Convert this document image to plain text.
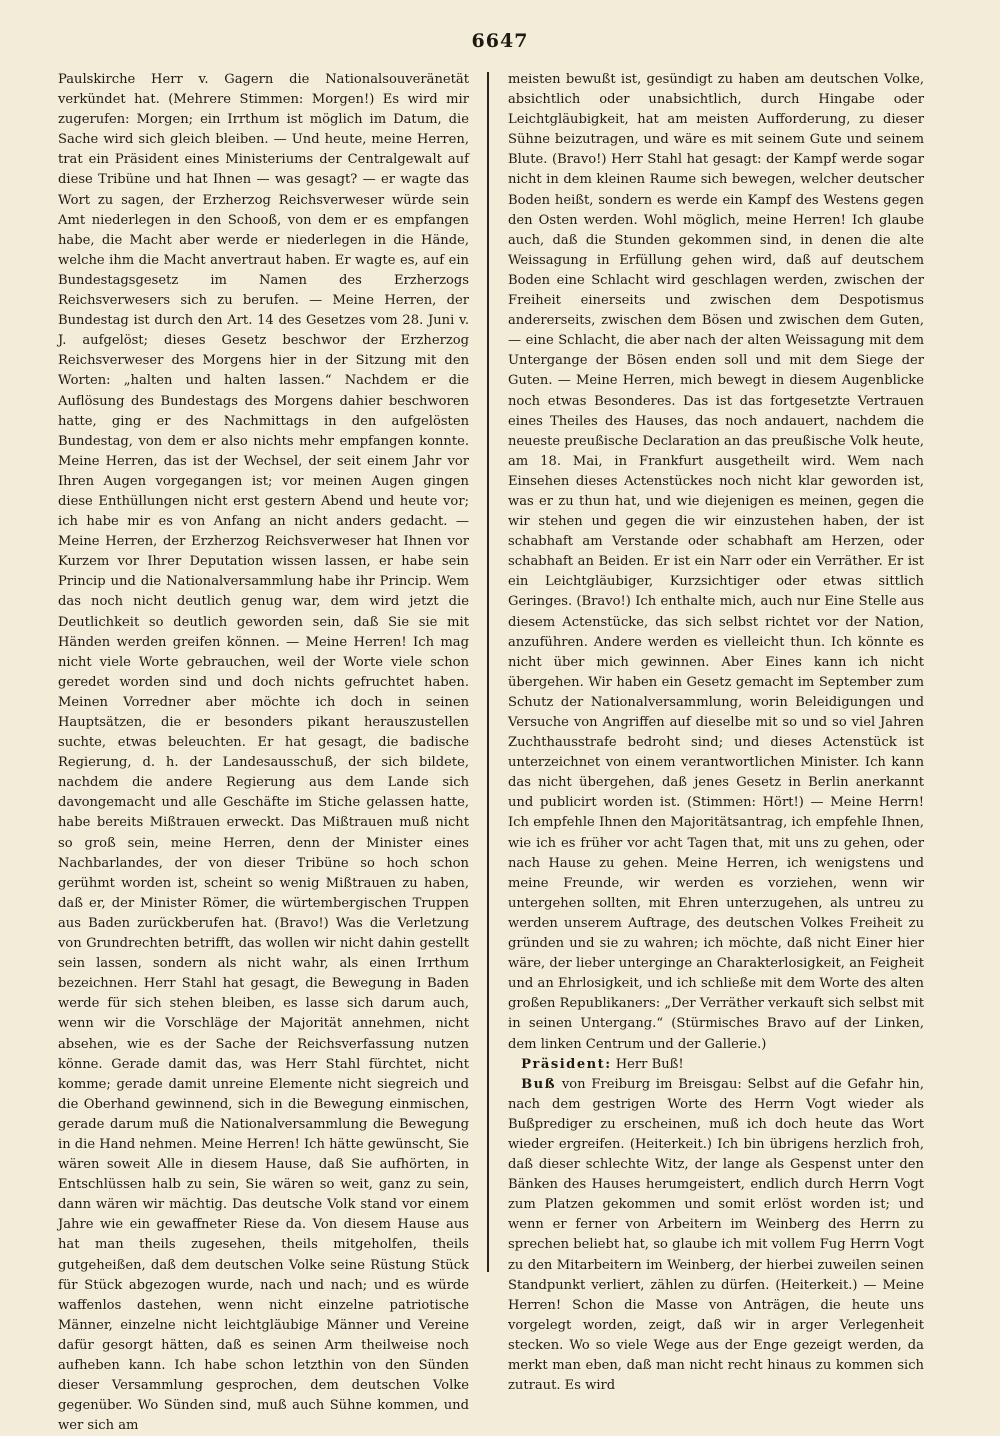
6647

Paulskirche Herr v. Gagern die Nationalsouveränetät verkündet hat. (Mehrere Stimmen: Morgen!) Es wird mir zugerufen: Morgen; ein Irrthum ist möglich im Datum, die Sache wird sich gleich bleiben. — Und heute, meine Herren, trat ein Präsident eines Ministeriums der Centralgewalt auf diese Tribüne und hat Ihnen — was gesagt? — er wagte das Wort zu sagen, der Erzherzog Reichsverweser würde sein Amt niederlegen in den Schooß, von dem er es empfangen habe, die Macht aber werde er niederlegen in die Hände, welche ihm die Macht anvertraut haben. Er wagte es, auf ein Bundestagsgesetz im Namen des Erzherzogs Reichsverwesers sich zu berufen. — Meine Herren, der Bundestag ist durch den Art. 14 des Gesetzes vom 28. Juni v. J. aufgelöst; dieses Gesetz beschwor der Erzherzog Reichsverweser des Morgens hier in der Sitzung mit den Worten: „halten und halten lassen.“ Nachdem er die Auflösung des Bundestags des Morgens dahier beschworen hatte, ging er des Nachmittags in den aufgelösten Bundestag, von dem er also nichts mehr empfangen konnte. Meine Herren, das ist der Wechsel, der seit einem Jahr vor Ihren Augen vorgegangen ist; vor meinen Augen gingen diese Enthüllungen nicht erst gestern Abend und heute vor; ich habe mir es von Anfang an nicht anders gedacht. — Meine Herren, der Erzherzog Reichsverweser hat Ihnen vor Kurzem vor Ihrer Deputation wissen lassen, er habe sein Princip und die Nationalversammlung habe ihr Princip. Wem das noch nicht deutlich genug war, dem wird jetzt die Deutlichkeit so deutlich geworden sein, daß Sie sie mit Händen werden greifen können. — Meine Herren! Ich mag nicht viele Worte gebrauchen, weil der Worte viele schon geredet worden sind und doch nichts gefruchtet haben. Meinen Vorredner aber möchte ich doch in seinen Hauptsätzen, die er besonders pikant herauszustellen suchte, etwas beleuchten. Er hat gesagt, die badische Regierung, d. h. der Landesausschuß, der sich bildete, nachdem die andere Regierung aus dem Lande sich davongemacht und alle Geschäfte im Stiche gelassen hatte, habe bereits Mißtrauen erweckt. Das Mißtrauen muß nicht so groß sein, meine Herren, denn der Minister eines Nachbarlandes, der von dieser Tribüne so hoch schon gerühmt worden ist, scheint so wenig Mißtrauen zu haben, daß er, der Minister Römer, die würtembergischen Truppen aus Baden zurückberufen hat. (Bravo!) Was die Verletzung von Grundrechten betrifft, das wollen wir nicht dahin gestellt sein lassen, sondern als nicht wahr, als einen Irrthum bezeichnen. Herr Stahl hat gesagt, die Bewegung in Baden werde für sich stehen bleiben, es lasse sich darum auch, wenn wir die Vorschläge der Majorität annehmen, nicht absehen, wie es der Sache der Reichsverfassung nutzen könne. Gerade damit das, was Herr Stahl fürchtet, nicht komme; gerade damit unreine Elemente nicht siegreich und die Oberhand gewinnend, sich in die Bewegung einmischen, gerade darum muß die Nationalversammlung die Bewegung in die Hand nehmen. Meine Herren! Ich hätte gewünscht, Sie wären soweit Alle in diesem Hause, daß Sie aufhörten, in Entschlüssen halb zu sein, Sie wären so weit, ganz zu sein, dann wären wir mächtig. Das deutsche Volk stand vor einem Jahre wie ein gewaffneter Riese da. Von diesem Hause aus hat man theils zugesehen, theils mitgeholfen, theils gutgeheißen, daß dem deutschen Volke seine Rüstung Stück für Stück abgezogen wurde, nach und nach; und es würde waffenlos dastehen, wenn nicht einzelne patriotische Männer, einzelne nicht leichtgläubige Männer und Vereine dafür gesorgt hätten, daß es seinen Arm theilweise noch aufheben kann. Ich habe schon letzthin von den Sünden dieser Versammlung gesprochen, dem deutschen Volke gegenüber. Wo Sünden sind, muß auch Sühne kommen, und wer sich am

meisten bewußt ist, gesündigt zu haben am deutschen Volke, absichtlich oder unabsichtlich, durch Hingabe oder Leichtgläubigkeit, hat am meisten Aufforderung, zu dieser Sühne beizutragen, und wäre es mit seinem Gute und seinem Blute. (Bravo!) Herr Stahl hat gesagt: der Kampf werde sogar nicht in dem kleinen Raume sich bewegen, welcher deutscher Boden heißt, sondern es werde ein Kampf des Westens gegen den Osten werden. Wohl möglich, meine Herren! Ich glaube auch, daß die Stunden gekommen sind, in denen die alte Weissagung in Erfüllung gehen wird, daß auf deutschem Boden eine Schlacht wird geschlagen werden, zwischen der Freiheit einerseits und zwischen dem Despotismus andererseits, zwischen dem Bösen und zwischen dem Guten, — eine Schlacht, die aber nach der alten Weissagung mit dem Untergange der Bösen enden soll und mit dem Siege der Guten. — Meine Herren, mich bewegt in diesem Augenblicke noch etwas Besonderes. Das ist das fortgesetzte Vertrauen eines Theiles des Hauses, das noch andauert, nachdem die neueste preußische Declaration an das preußische Volk heute, am 18. Mai, in Frankfurt ausgetheilt wird. Wem nach Einsehen dieses Actenstückes noch nicht klar geworden ist, was er zu thun hat, und wie diejenigen es meinen, gegen die wir stehen und gegen die wir einzustehen haben, der ist schabhaft am Verstande oder schabhaft am Herzen, oder schabhaft an Beiden. Er ist ein Narr oder ein Verräther. Er ist ein Leichtgläubiger, Kurzsichtiger oder etwas sittlich Geringes. (Bravo!) Ich enthalte mich, auch nur Eine Stelle aus diesem Actenstücke, das sich selbst richtet vor der Nation, anzuführen. Andere werden es vielleicht thun. Ich könnte es nicht über mich gewinnen. Aber Eines kann ich nicht übergehen. Wir haben ein Gesetz gemacht im September zum Schutz der Nationalversammlung, worin Beleidigungen und Versuche von Angriffen auf dieselbe mit so und so viel Jahren Zuchthausstrafe bedroht sind; und dieses Actenstück ist unterzeichnet von einem verantwortlichen Minister. Ich kann das nicht übergehen, daß jenes Gesetz in Berlin anerkannt und publicirt worden ist. (Stimmen: Hört!) — Meine Herrn! Ich empfehle Ihnen den Majoritätsantrag, ich empfehle Ihnen, wie ich es früher vor acht Tagen that, mit uns zu gehen, oder nach Hause zu gehen. Meine Herren, ich wenigstens und meine Freunde, wir werden es vorziehen, wenn wir untergehen sollten, mit Ehren unterzugehen, als untreu zu werden unserem Auftrage, des deutschen Volkes Freiheit zu gründen und sie zu wahren; ich möchte, daß nicht Einer hier wäre, der lieber unterginge an Charakterlosigkeit, an Feigheit und an Ehrlosigkeit, und ich schließe mit dem Worte des alten großen Republikaners: „Der Verräther verkauft sich selbst mit in seinen Untergang.“ (Stürmisches Bravo auf der Linken, dem linken Centrum und der Gallerie.)

 Präsident: Herr Buß!

 Buß von Freiburg im Breisgau: Selbst auf die Gefahr hin, nach dem gestrigen Worte des Herrn Vogt wieder als Bußprediger zu erscheinen, muß ich doch heute das Wort wieder ergreifen. (Heiterkeit.) Ich bin übrigens herzlich froh, daß dieser schlechte Witz, der lange als Gespenst unter den Bänken des Hauses herumgeistert, endlich durch Herrn Vogt zum Platzen gekommen und somit erlöst worden ist; und wenn er ferner von Arbeitern im Weinberg des Herrn zu sprechen beliebt hat, so glaube ich mit vollem Fug Herrn Vogt zu den Mitarbeitern im Weinberg, der hierbei zuweilen seinen Standpunkt verliert, zählen zu dürfen. (Heiterkeit.) — Meine Herren! Schon die Masse von Anträgen, die heute uns vorgelegt worden, zeigt, daß wir in arger Verlegenheit stecken. Wo so viele Wege aus der Enge gezeigt werden, da merkt man eben, daß man nicht recht hinaus zu kommen sich zutraut. Es wird
